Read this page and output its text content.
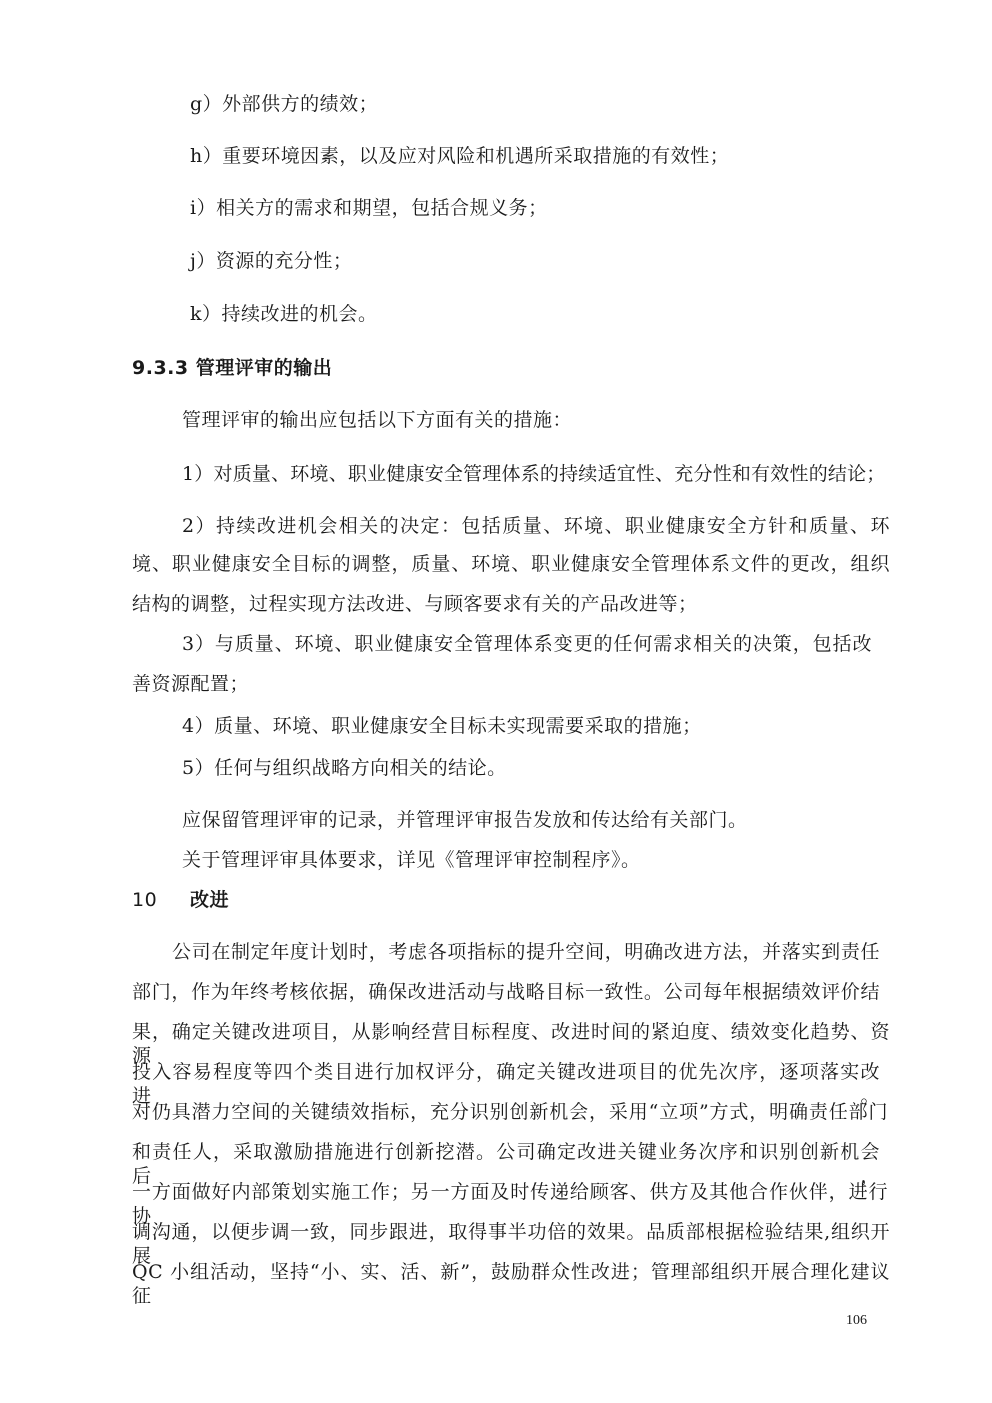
g）外部供方的绩效；
h）重要环境因素，以及应对风险和机遇所采取措施的有效性；
i）相关方的需求和期望，包括合规义务；
j）资源的充分性；
k）持续改进的机会。
9.3.3 管理评审的输出
管理评审的输出应包括以下方面有关的措施：
1）对质量、环境、职业健康安全管理体系的持续适宜性、充分性和有效性的结论；
2）持续改进机会相关的决定：包括质量、环境、职业健康安全方针和质量、环
境、职业健康安全目标的调整，质量、环境、职业健康安全管理体系文件的更改，组织
结构的调整，过程实现方法改进、与顾客要求有关的产品改进等；
3）与质量、环境、职业健康安全管理体系变更的任何需求相关的决策，包括改
善资源配置；
4）质量、环境、职业健康安全目标未实现需要采取的措施；
5）任何与组织战略方向相关的结论。
应保留管理评审的记录，并管理评审报告发放和传达给有关部门。
关于管理评审具体要求，详见《管理评审控制程序》。
10 改进
公司在制定年度计划时，考虑各项指标的提升空间，明确改进方法，并落实到责任
部门，作为年终考核依据，确保改进活动与战略目标一致性。公司每年根据绩效评价结
果，确定关键改进项目，从影响经营目标程度、改进时间的紧迫度、绩效变化趋势、资源
投入容易程度等四个类目进行加权评分，确定关键改进项目的优先次序，逐项落实改进。
对仍具潜力空间的关键绩效指标，充分识别创新机会，采用“立项”方式，明确责任部门
和责任人，采取激励措施进行创新挖潜。公司确定改进关键业务次序和识别创新机会后，
一方面做好内部策划实施工作；另一方面及时传递给顾客、供方及其他合作伙伴，进行协
调沟通，以便步调一致，同步跟进，取得事半功倍的效果。品质部根据检验结果,组织开展
QC 小组活动，坚持“小、实、活、新”，鼓励群众性改进；管理部组织开展合理化建议征
106
